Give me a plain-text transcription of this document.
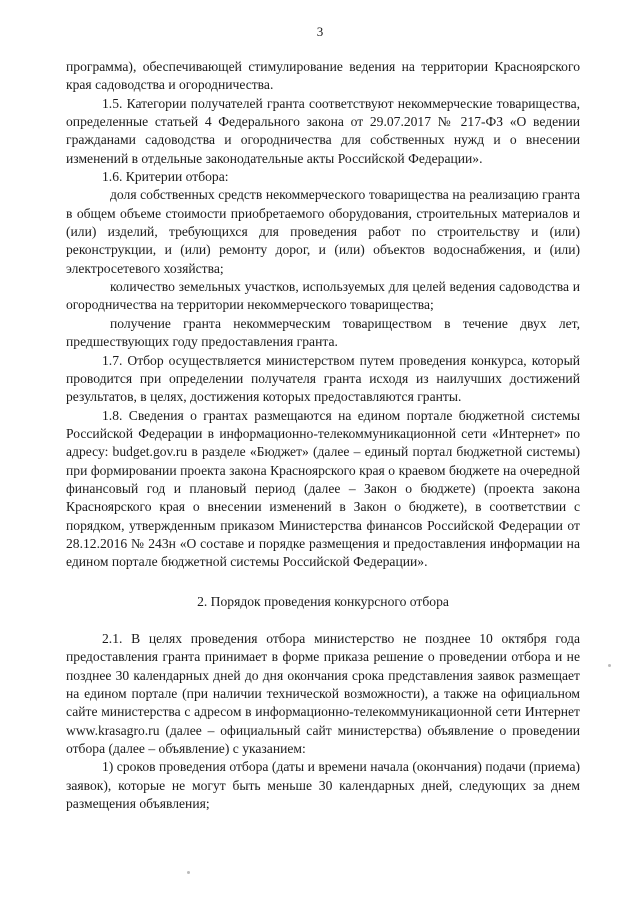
3

программа), обеспечивающей стимулирование ведения на территории Красноярского края садоводства и огородничества.

1.5. Категории получателей гранта соответствуют некоммерческие товарищества, определенные статьей 4 Федерального закона от 29.07.2017 № 217-ФЗ «О ведении гражданами садоводства и огородничества для собственных нужд и о внесении изменений в отдельные законодательные акты Российской Федерации».

1.6. Критерии отбора:

доля собственных средств некоммерческого товарищества на реализацию гранта в общем объеме стоимости приобретаемого оборудования, строительных материалов и (или) изделий, требующихся для проведения работ по строительству и (или) реконструкции, и (или) ремонту дорог, и (или) объектов водоснабжения, и (или) электросетевого хозяйства;

количество земельных участков, используемых для целей ведения садоводства и огородничества на территории некоммерческого товарищества;

получение гранта некоммерческим товариществом в течение двух лет, предшествующих году предоставления гранта.

1.7. Отбор осуществляется министерством путем проведения конкурса, который проводится при определении получателя гранта исходя из наилучших достижений результатов, в целях, достижения которых предоставляются гранты.

1.8. Сведения о грантах размещаются на едином портале бюджетной системы Российской Федерации в информационно-телекоммуникационной сети «Интернет» по адресу: budget.gov.ru в разделе «Бюджет» (далее – единый портал бюджетной системы) при формировании проекта закона Красноярского края о краевом бюджете на очередной финансовый год и плановый период (далее – Закон о бюджете) (проекта закона Красноярского края о внесении изменений в Закон о бюджете), в соответствии с порядком, утвержденным приказом Министерства финансов Российской Федерации от 28.12.2016 № 243н «О составе и порядке размещения и предоставления информации на едином портале бюджетной системы Российской Федерации».

2. Порядок проведения конкурсного отбора

2.1. В целях проведения отбора министерство не позднее 10 октября года предоставления гранта принимает в форме приказа решение о проведении отбора и не позднее 30 календарных дней до дня окончания срока представления заявок размещает на едином портале (при наличии технической возможности), а также на официальном сайте министерства с адресом в информационно-телекоммуникационной сети Интернет www.krasagro.ru (далее – официальный сайт министерства) объявление о проведении отбора (далее – объявление) с указанием:

1) сроков проведения отбора (даты и времени начала (окончания) подачи (приема) заявок), которые не могут быть меньше 30 календарных дней, следующих за днем размещения объявления;
